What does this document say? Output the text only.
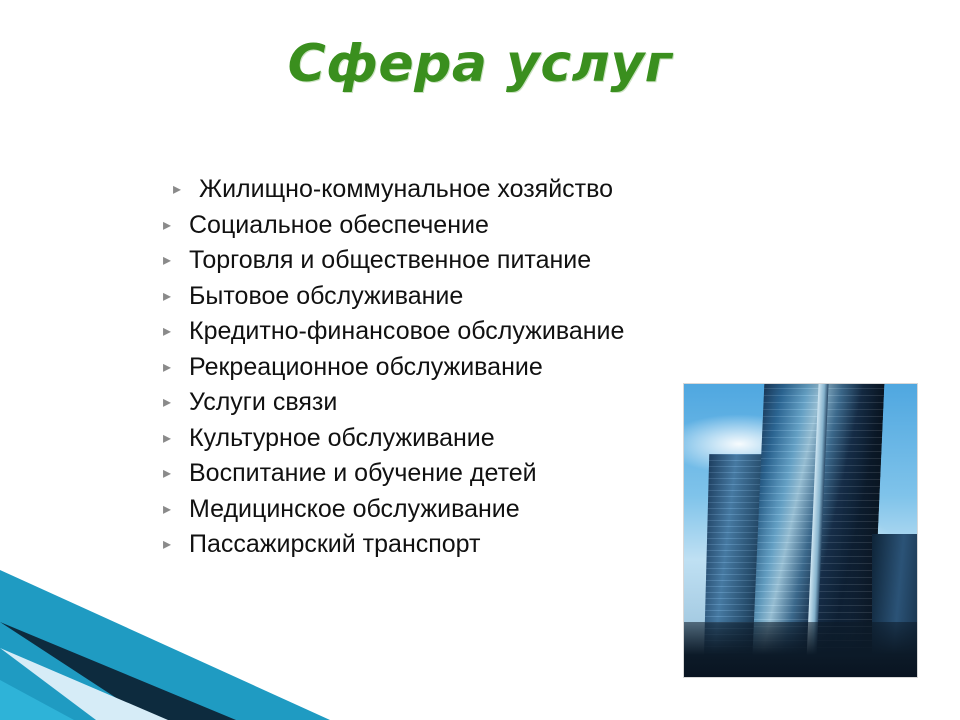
Сфера услуг
▸ Жилищно-коммунальное хозяйство
▸ Социальное обеспечение
▸ Торговля и общественное питание
▸ Бытовое обслуживание
▸ Кредитно-финансовое обслуживание
▸ Рекреационное обслуживание
▸ Услуги связи
▸ Культурное обслуживание
▸ Воспитание и обучение детей
▸ Медицинское обслуживание
▸ Пассажирский транспорт
